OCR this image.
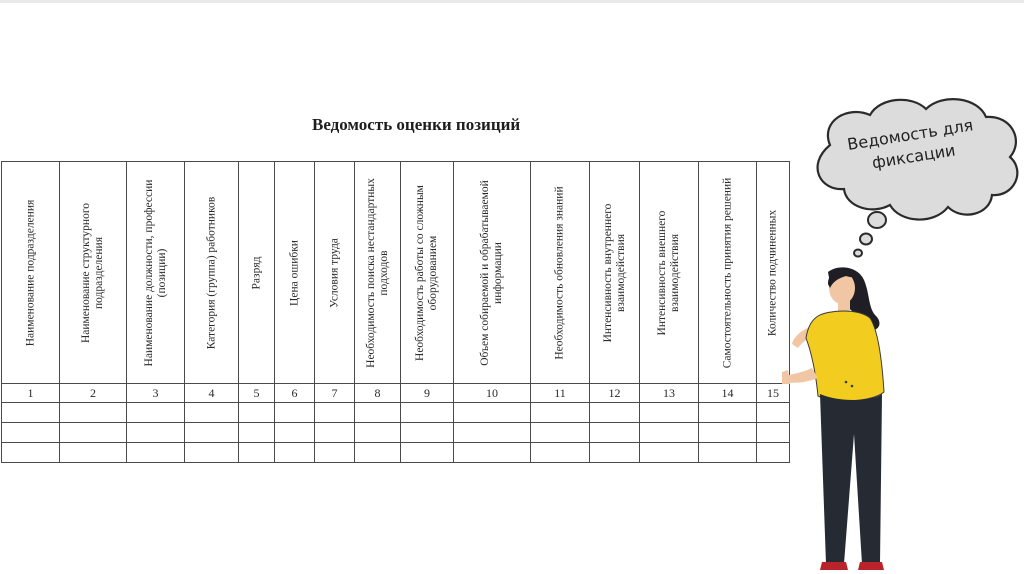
Ведомость оценки позиций
Наименование подразделения	Наименование структурного подразделения	Наименование должности, профессии (позиции)	Категория (группа) работников	Разряд	Цена ошибки	Условия труда	Необходимость поиска нестандартных подходов	Необходимость работы со сложным оборудованием	Объем собираемой и обрабатываемой информации	Необходимость обновления знаний	Интенсивность внутреннего взаимодействия	Интенсивность внешнего взаимодействия	Самостоятельность принятия решений	Количество подчиненных

1	2	3	4	5	6	7	8	9	10	11	12	13	14	15

Ведомость для фиксации
